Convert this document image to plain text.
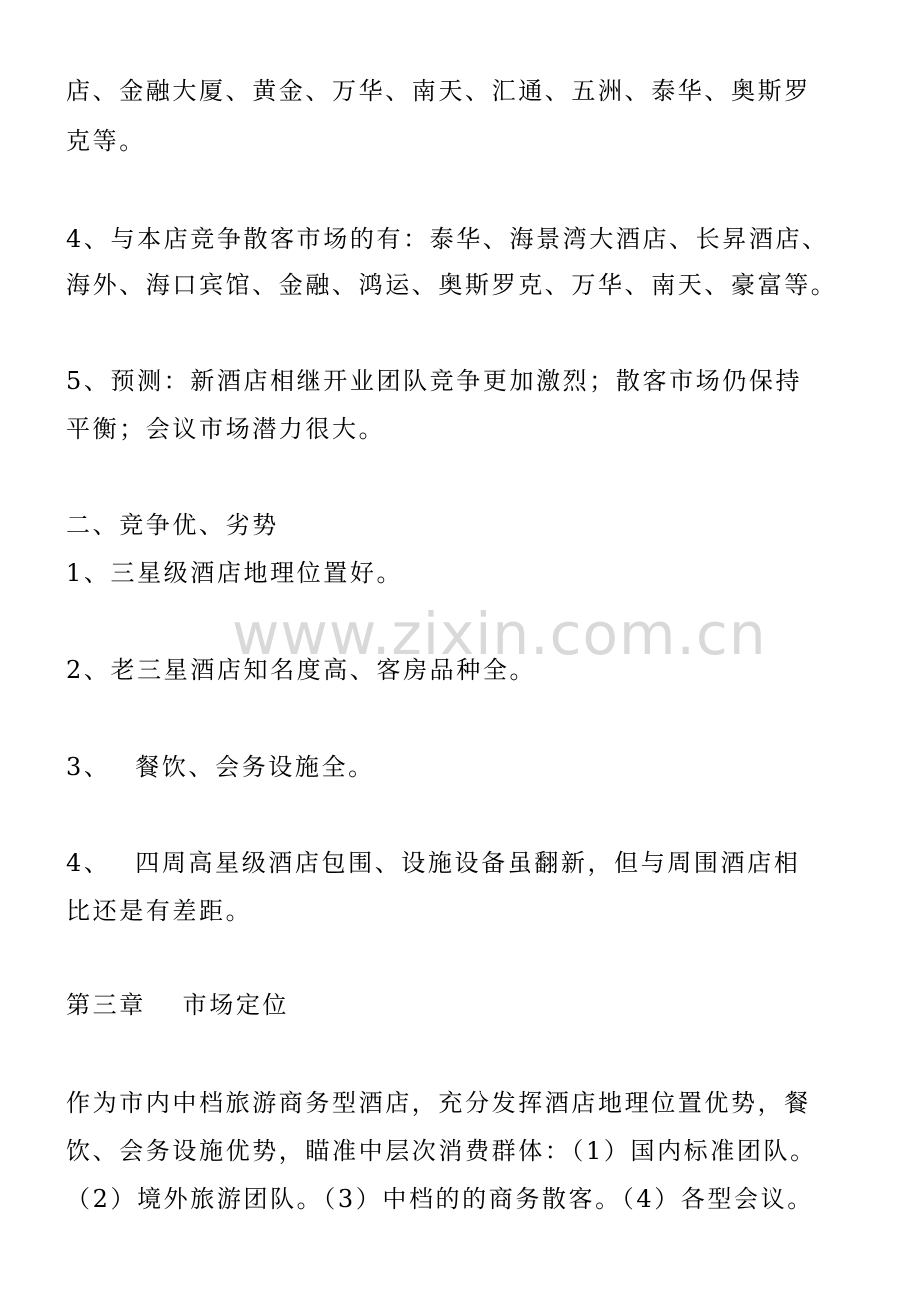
店、金融大厦、黄金、万华、南天、汇通、五洲、泰华、奥斯罗
克等。
4、与本店竞争散客市场的有：泰华、海景湾大酒店、长昇酒店、
海外、海口宾馆、金融、鸿运、奥斯罗克、万华、南天、豪富等。
5、预测：新酒店相继开业团队竞争更加激烈；散客市场仍保持
平衡；会议市场潜力很大。
二、竞争优、劣势
1、三星级酒店地理位置好。
2、老三星酒店知名度高、客房品种全。
3、　 餐饮、会务设施全。
4、　 四周高星级酒店包围、设施设备虽翻新，但与周围酒店相
比还是有差距。
第三章　 市场定位
作为市内中档旅游商务型酒店，充分发挥酒店地理位置优势，餐
饮、会务设施优势，瞄准中层次消费群体：（1）国内标准团队。
（2）境外旅游团队。（3）中档的的商务散客。（4）各型会议。
www.zixin.com.cn
